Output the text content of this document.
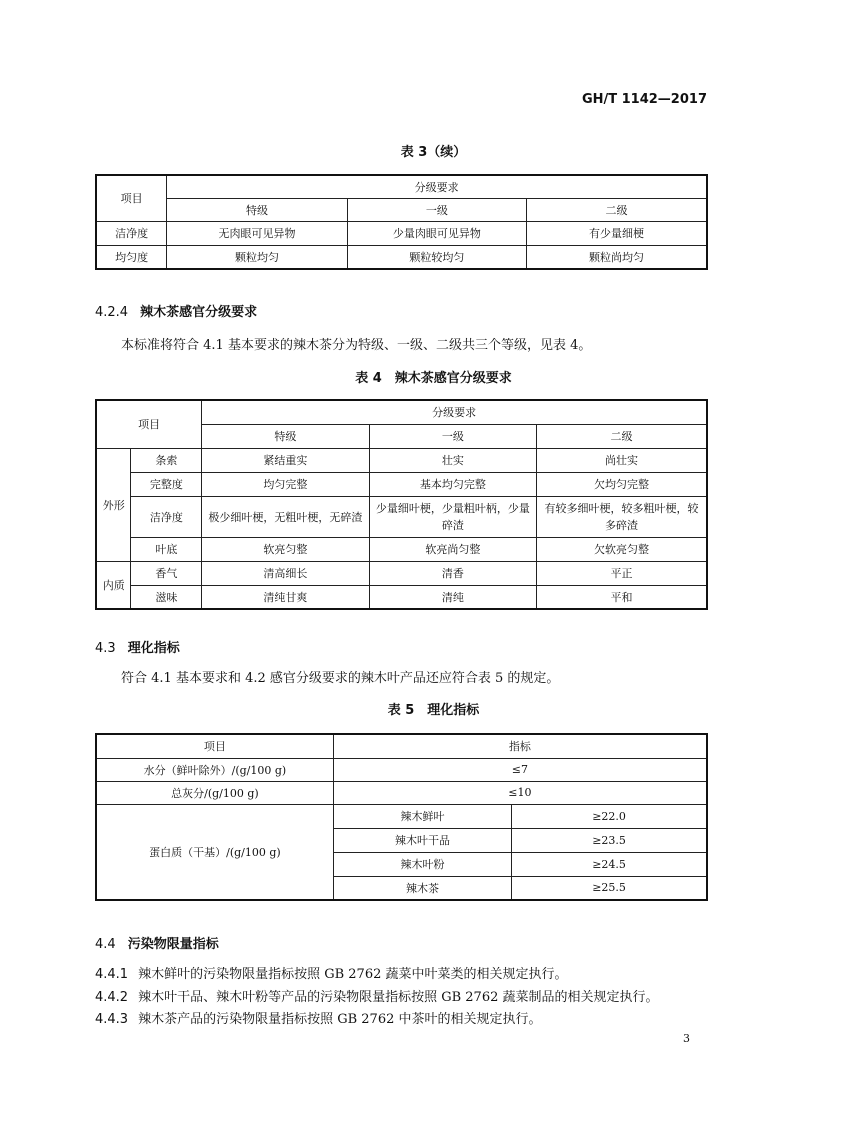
GH/T 1142—2017
表 3（续）
项目	分级要求		
	特级	一级	二级
洁净度	无肉眼可见异物	少量肉眼可见异物	有少量细梗
均匀度	颗粒均匀	颗粒较均匀	颗粒尚均匀
4.2.4 辣木茶感官分级要求
本标准将符合 4.1 基本要求的辣木茶分为特级、一级、二级共三个等级，见表 4。
表 4　辣木茶感官分级要求
项目		分级要求		
		特级	一级	二级
外形	条索	紧结重实	壮实	尚壮实
	完整度	均匀完整	基本均匀完整	欠均匀完整
	洁净度	极少细叶梗，无粗叶梗，无碎渣	少量细叶梗，少量粗叶柄，少量碎渣	有较多细叶梗，较多粗叶梗，较多碎渣
	叶底	软亮匀整	软亮尚匀整	欠软亮匀整
内质	香气	清高细长	清香	平正
	滋味	清纯甘爽	清纯	平和
4.3 理化指标
符合 4.1 基本要求和 4.2 感官分级要求的辣木叶产品还应符合表 5 的规定。
表 5　理化指标
项目	指标	
水分（鲜叶除外）/(g/100 g)	≤7	
总灰分/(g/100 g)	≤10	
蛋白质（干基）/(g/100 g)	辣木鲜叶	≥22.0
	辣木叶干品	≥23.5
	辣木叶粉	≥24.5
	辣木茶	≥25.5
4.4 污染物限量指标
4.4.1 辣木鲜叶的污染物限量指标按照 GB 2762 蔬菜中叶菜类的相关规定执行。
4.4.2 辣木叶干品、辣木叶粉等产品的污染物限量指标按照 GB 2762 蔬菜制品的相关规定执行。
4.4.3 辣木茶产品的污染物限量指标按照 GB 2762 中茶叶的相关规定执行。
3
